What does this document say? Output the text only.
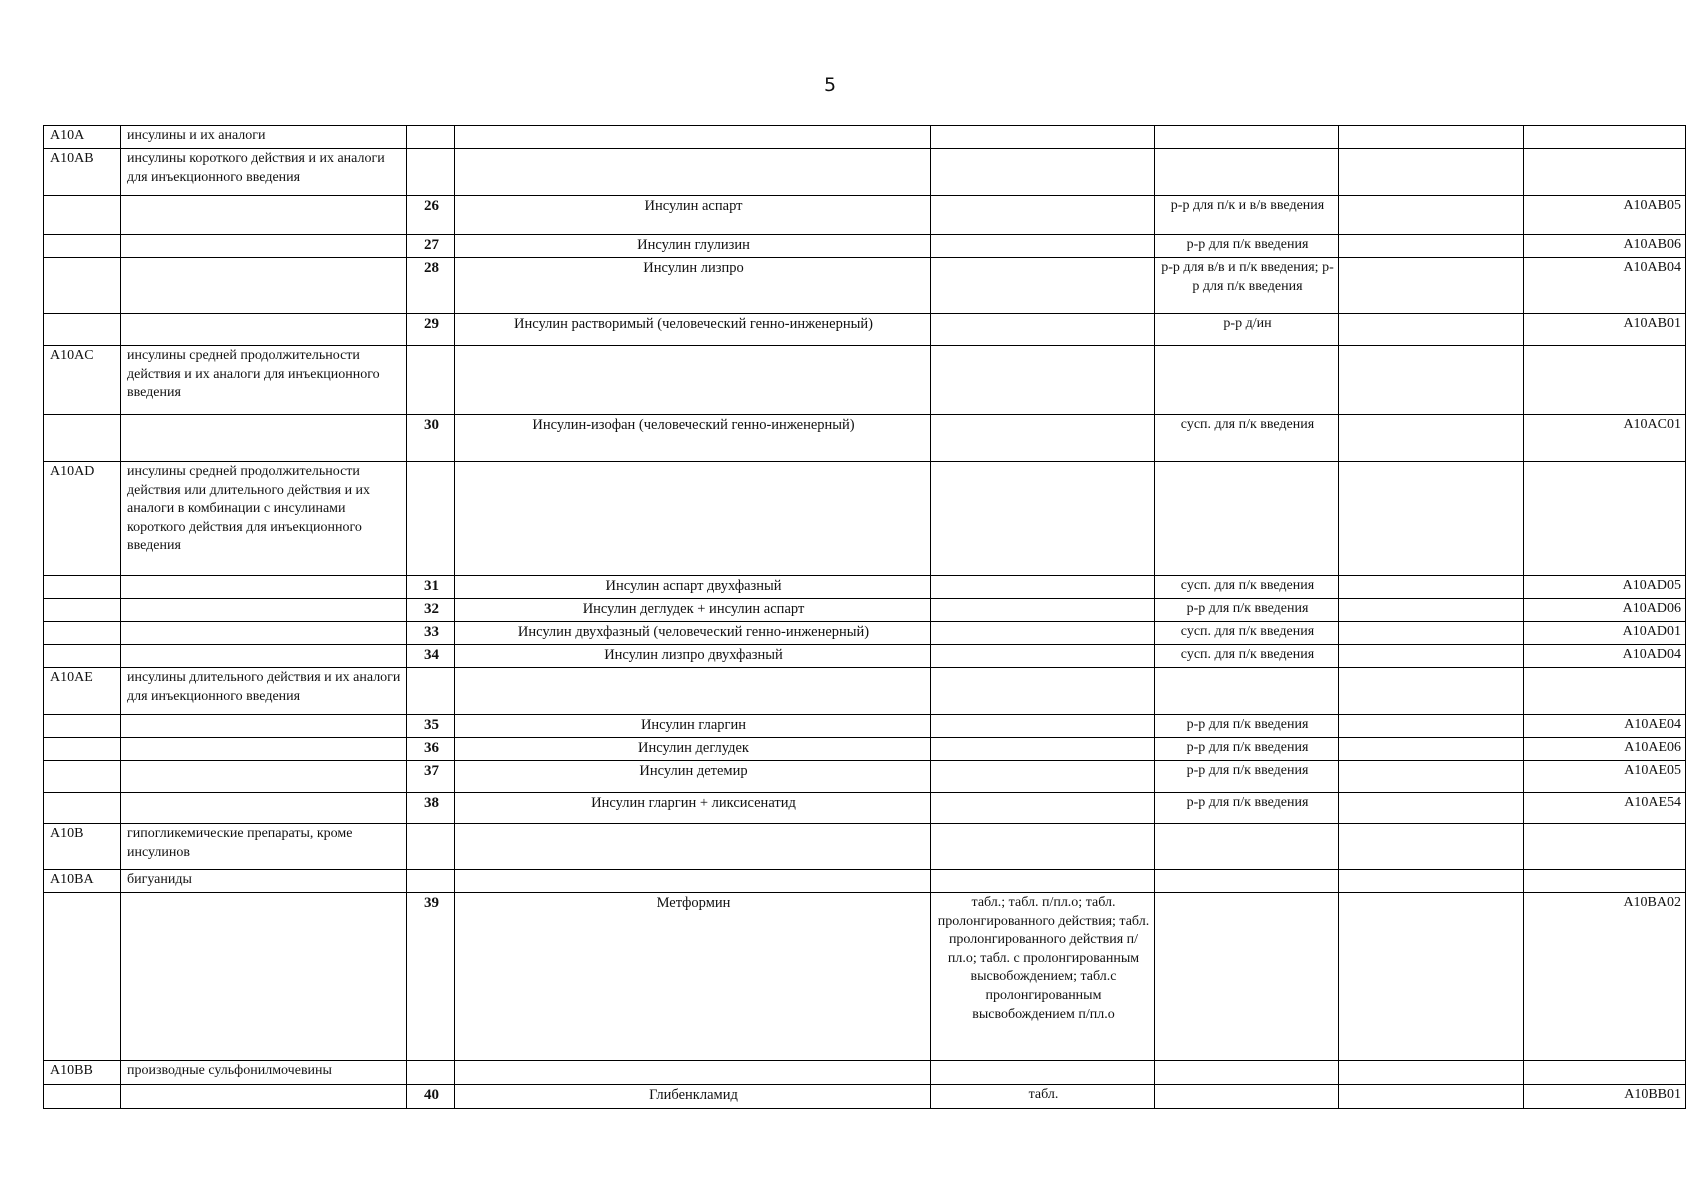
5
A10A	инсулины и их аналоги						
A10AB	инсулины короткого действия и их аналоги для инъекционного введения						
		26	Инсулин аспарт		р-р для п/к и в/в введения		A10AB05
		27	Инсулин глулизин		р-р для п/к введения		A10AB06
		28	Инсулин лизпро		р-р для в/в и п/к введения; р-р для п/к введения		A10AB04
		29	Инсулин растворимый (человеческий генно-инженерный)		р-р д/ин		A10AB01
A10AC	инсулины средней продолжительности действия и их аналоги для инъекционного введения						
		30	Инсулин-изофан (человеческий генно-инженерный)		сусп. для п/к введения		A10AC01
A10AD	инсулины средней продолжительности действия или длительного действия и их аналоги в комбинации с инсулинами короткого действия для инъекционного введения						
		31	Инсулин аспарт двухфазный		сусп. для п/к введения		A10AD05
		32	Инсулин деглудек + инсулин аспарт		р-р для п/к введения		A10AD06
		33	Инсулин двухфазный (человеческий генно-инженерный)		сусп. для п/к введения		A10AD01
		34	Инсулин лизпро двухфазный		сусп. для п/к введения		A10AD04
A10AE	инсулины длительного действия и их аналоги для инъекционного введения						
		35	Инсулин гларгин		р-р для п/к введения		A10AE04
		36	Инсулин деглудек		р-р для п/к введения		A10AE06
		37	Инсулин детемир		р-р для п/к введения		A10AE05
		38	Инсулин гларгин + ликсисенатид		р-р для п/к введения		A10AE54
A10B	гипогликемические препараты, кроме инсулинов						
A10BA	бигуаниды						
		39	Метформин	табл.; табл. п/пл.о; табл. пролонгированного действия; табл. пролонгированного действия п/пл.о; табл. с пролонгированным высвобождением; табл.с пролонгированным высвобождением п/пл.о			A10BA02
A10BB	производные сульфонилмочевины						
		40	Глибенкламид	табл.			A10BB01
